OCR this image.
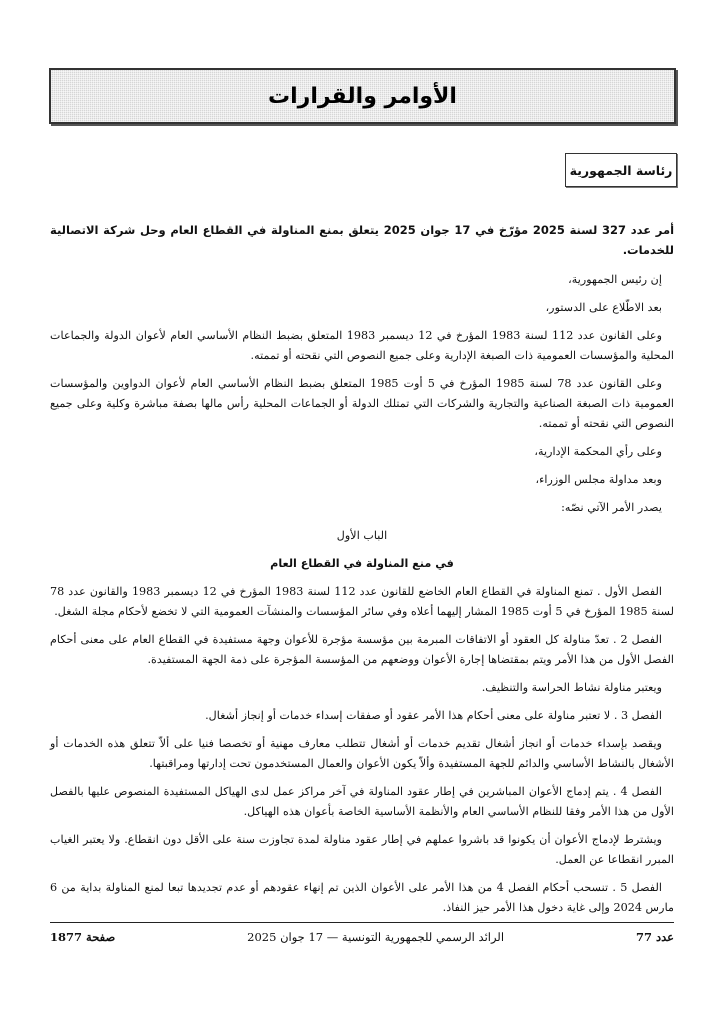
الأوامر والقرارات
رئاسة الجمهورية

أمر عدد 327 لسنة 2025 مؤرّخ في 17 جوان 2025 يتعلق بمنع المناولة في القطاع العام وحل شركة الاتصالية للخدمات.

إن رئيس الجمهورية،

بعد الاطّلاع على الدستور،

وعلى القانون عدد 112 لسنة 1983 المؤرخ في 12 ديسمبر 1983 المتعلق بضبط النظام الأساسي العام لأعوان الدولة والجماعات المحلية والمؤسسات العمومية ذات الصبغة الإدارية وعلى جميع النصوص التي نقحته أو تممته.

وعلى القانون عدد 78 لسنة 1985 المؤرخ في 5 أوت 1985 المتعلق بضبط النظام الأساسي العام لأعوان الدواوين والمؤسسات العمومية ذات الصبغة الصناعية والتجارية والشركات التي تمتلك الدولة أو الجماعات المحلية رأس مالها بصفة مباشرة وكلية وعلى جميع النصوص التي نقحته أو تممته.

وعلى رأي المحكمة الإدارية،

وبعد مداولة مجلس الوزراء،

يصدر الأمر الآتي نصّه:

الباب الأول

في منع المناولة في القطاع العام

الفصل الأول . تمنع المناولة في القطاع العام الخاضع للقانون عدد 112 لسنة 1983 المؤرخ في 12 ديسمبر 1983 والقانون عدد 78 لسنة 1985 المؤرخ في 5 أوت 1985 المشار إليهما أعلاه وفي سائر المؤسسات والمنشآت العمومية التي لا تخضع لأحكام مجلة الشغل.

الفصل 2 . تعدّ مناولة كل العقود أو الاتفاقات المبرمة بين مؤسسة مؤجرة للأعوان وجهة مستفيدة في القطاع العام على معنى أحكام الفصل الأول من هذا الأمر ويتم بمقتضاها إجارة الأعوان ووضعهم من المؤسسة المؤجرة على ذمة الجهة المستفيدة.

ويعتبر مناولة نشاط الحراسة والتنظيف.

الفصل 3 . لا تعتبر مناولة على معنى أحكام هذا الأمر عقود أو صفقات إسداء خدمات أو إنجاز أشغال.

ويقصد بإسداء خدمات أو انجاز أشغال تقديم خدمات أو أشغال تتطلب معارف مهنية أو تخصصا فنيا على ألاّ تتعلق هذه الخدمات أو الأشغال بالنشاط الأساسي والدائم للجهة المستفيدة وألاّ يكون الأعوان والعمال المستخدمون تحت إدارتها ومراقبتها.

الفصل 4 . يتم إدماج الأعوان المباشرين في إطار عقود المناولة في آخر مراكز عمل لدى الهياكل المستفيدة المنصوص عليها بالفصل الأول من هذا الأمر وفقا للنظام الأساسي العام والأنظمة الأساسية الخاصة بأعوان هذه الهياكل.

ويشترط لإدماج الأعوان أن يكونوا قد باشروا عملهم في إطار عقود مناولة لمدة تجاوزت سنة على الأقل دون انقطاع. ولا يعتبر الغياب المبرر انقطاعا عن العمل.

الفصل 5 . تنسحب أحكام الفصل 4 من هذا الأمر على الأعوان الذين تم إنهاء عقودهم أو عدم تجديدها تبعا لمنع المناولة بداية من 6 مارس 2024 وإلى غاية دخول هذا الأمر حيز النفاذ.

عدد 77
الرائد الرسمي للجمهورية التونسية — 17 جوان 2025
صفحة 1877
